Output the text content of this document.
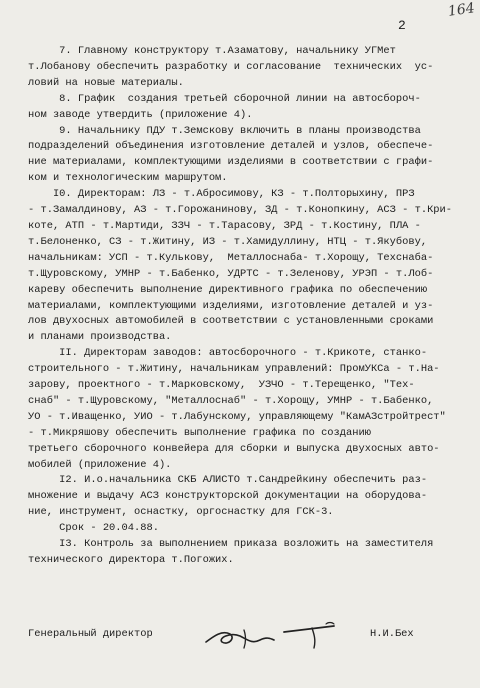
164
2
7. Главному конструктору т.Азаматову, начальнику УГМет
т.Лобанову обеспечить разработку и согласование  технических  ус-
ловий на новые материалы.
8. График  создания третьей сборочной линии на автосбороч-
ном заводе утвердить (приложение 4).
9. Начальнику ПДУ т.Земскову включить в планы производства
подразделений объединения изготовление деталей и узлов, обеспече-
ние материалами, комплектующими изделиями в соответствии с графи-
ком и технологическим маршрутом.
I0. Директорам: ЛЗ - т.Абросимову, КЗ - т.Полторыхину, ПРЗ
- т.Замалдинову, АЗ - т.Горожанинову, ЗД - т.Конопкину, АСЗ - т.Кри-
коте, АТП - т.Мартиди, ЗЗЧ - т.Тарасову, ЗРД - т.Костину, ПЛА -
т.Белоненко, СЗ - т.Житину, ИЗ - т.Хамидуллину, НТЦ - т.Якубову,
начальникам: УСП - т.Кулькову,  Металлоснаба- т.Хорощу, Техснаба-
т.Щуровскому, УМНР - т.Бабенко, УДРТС - т.Зеленову, УРЭП - т.Лоб-
кареву обеспечить выполнение директивного графика по обеспечению
материалами, комплектующими изделиями, изготовление деталей и уз-
лов двухосных автомобилей в соответствии с установленными сроками
и планами производства.
II. Директорам заводов: автосборочного - т.Крикоте, станко-
строительного - т.Житину, начальникам управлений: ПромУКСа - т.На-
зарову, проектного - т.Марковскому,  УЗЧО - т.Терещенко, "Тех-
снаб" - т.Щуровскому, "Металлоснаб" - т.Хорощу, УМНР - т.Бабенко,
УО - т.Иващенко, УИО - т.Лабунскому, управляющему "КамАЗстройтрест"
- т.Микряшову обеспечить выполнение графика по созданию
третьего сборочного конвейера для сборки и выпуска двухосных авто-
мобилей (приложение 4).
I2. И.о.начальника СКБ АЛИСТО т.Сандрейкину обеспечить раз-
множение и выдачу АСЗ конструкторской документации на оборудова-
ние, инструмент, оснастку, оргоснастку для ГСК-3.
Срок - 20.04.88.
I3. Контроль за выполнением приказа возложить на заместителя
технического директора т.Погожих.
Генеральный директор	Н.И.Бех
